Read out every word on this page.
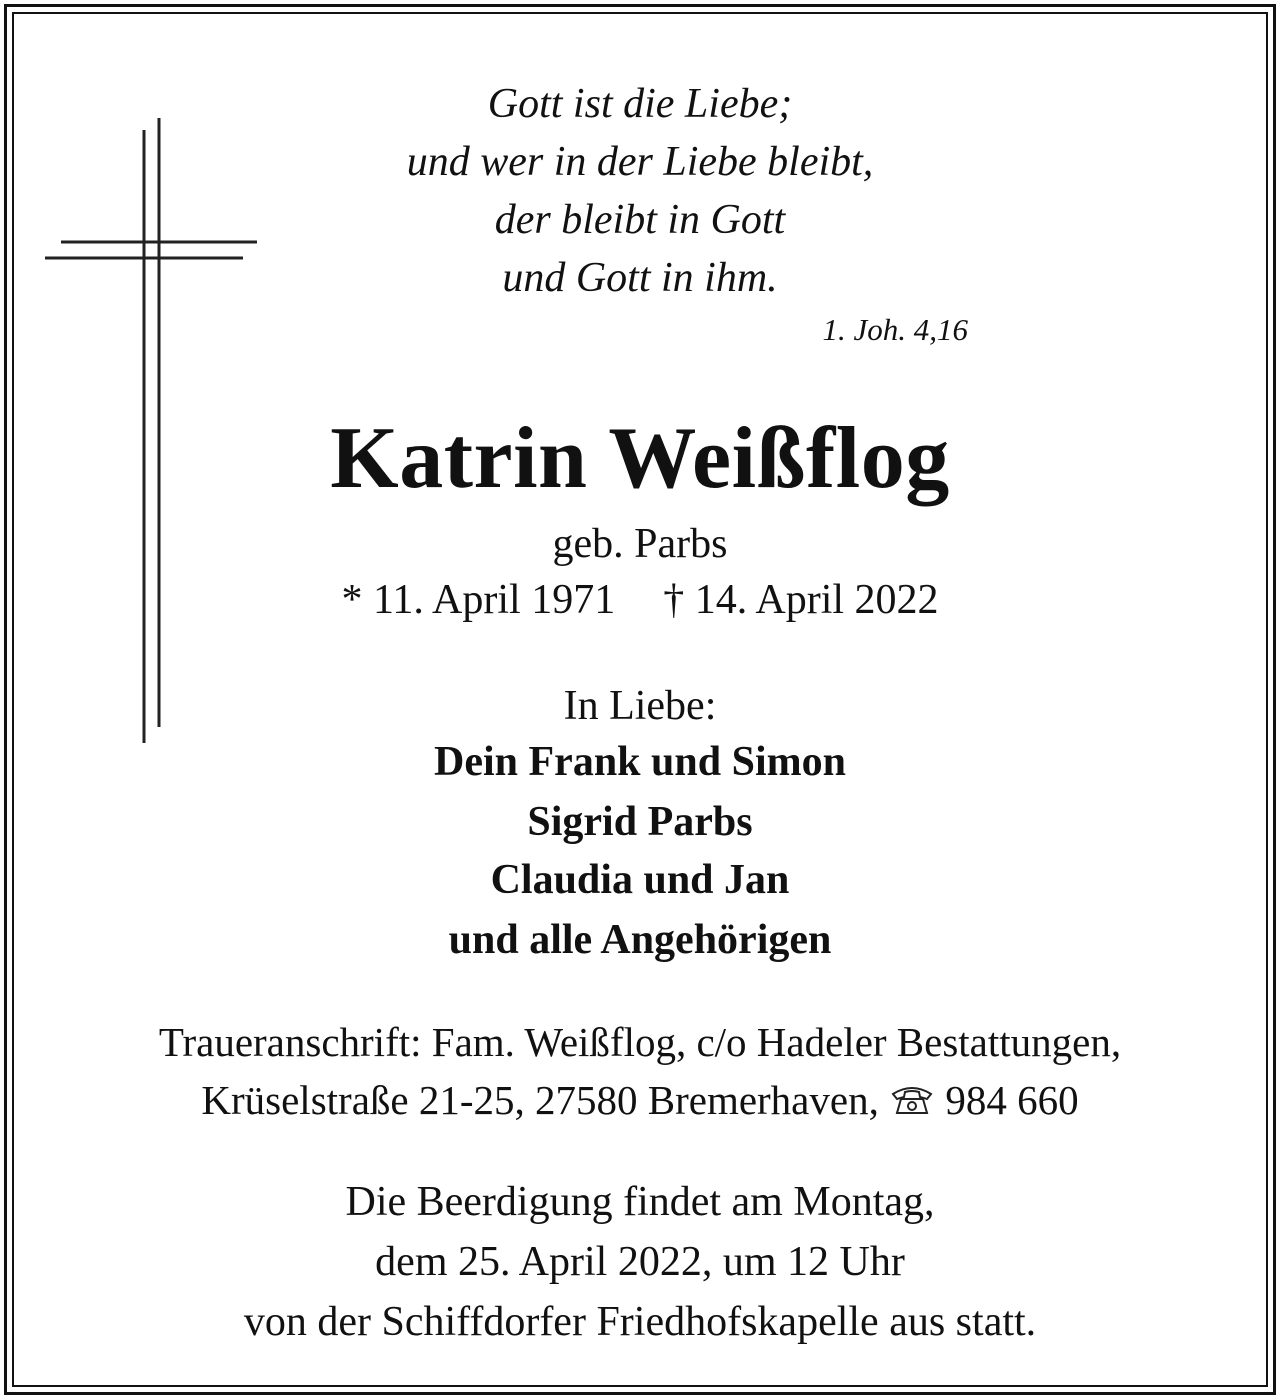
Gott ist die Liebe;
und wer in der Liebe bleibt,
der bleibt in Gott
und Gott in ihm.
1. Joh. 4,16
Katrin Weißflog
geb. Parbs
* 11. April 1971 † 14. April 2022
In Liebe:
Dein Frank und Simon
Sigrid Parbs
Claudia und Jan
und alle Angehörigen
Traueranschrift: Fam. Weißflog, c/o Hadeler Bestattungen,
Krüselstraße 21-25, 27580 Bremerhaven, 984 660
Die Beerdigung findet am Montag,
dem 25. April 2022, um 12 Uhr
von der Schiffdorfer Friedhofskapelle aus statt.
